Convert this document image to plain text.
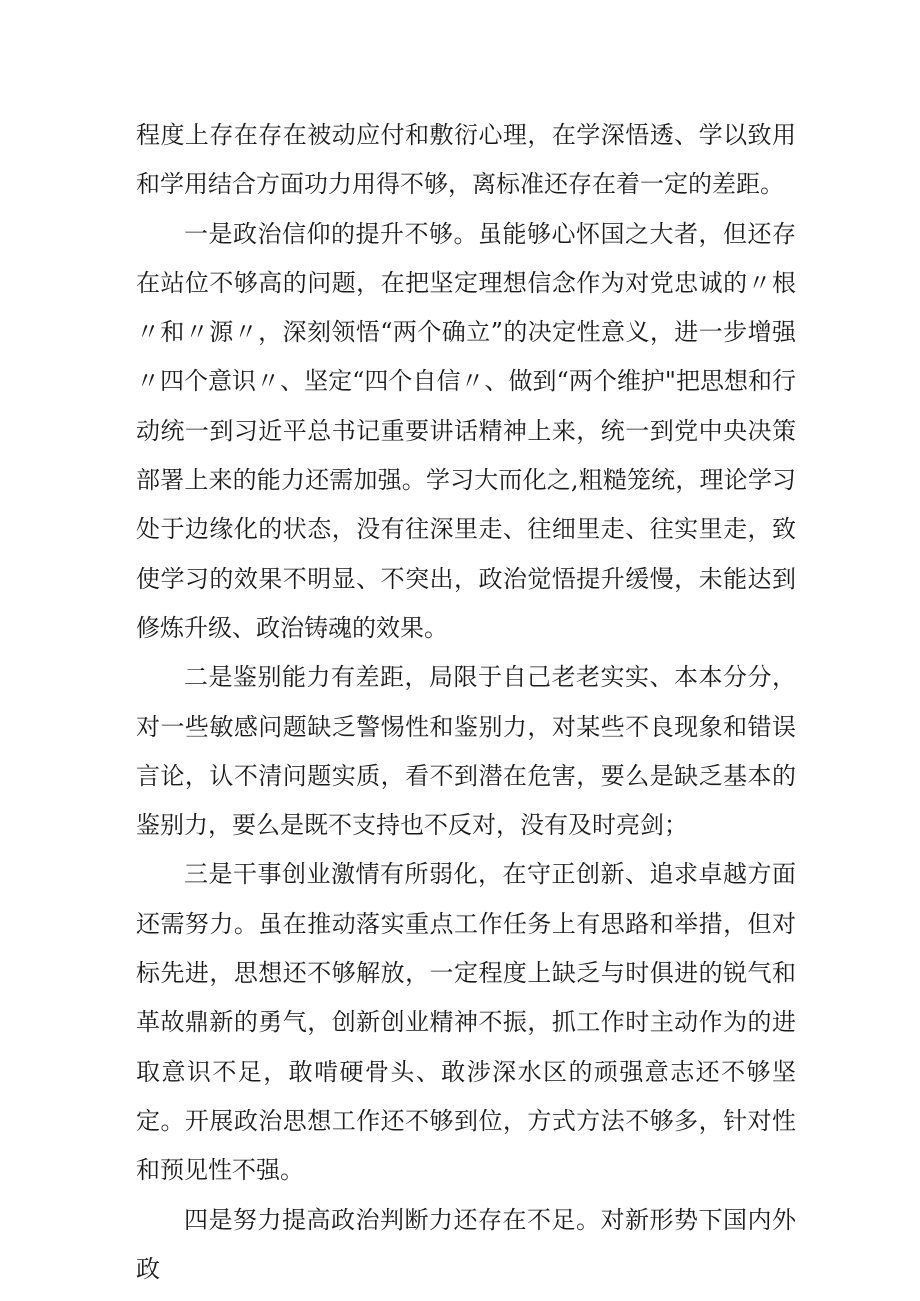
程度上存在存在被动应付和敷衍心理，在学深悟透、学以致用和学用结合方面功力用得不够，离标准还存在着一定的差距。

一是政治信仰的提升不够。虽能够心怀国之大者，但还存在站位不够高的问题，在把坚定理想信念作为对党忠诚的〃根〃和〃源〃，深刻领悟“两个确立”的决定性意义，进一步增强〃四个意识〃、坚定“四个自信〃、做到“两个维护"把思想和行动统一到习近平总书记重要讲话精神上来，统一到党中央决策部署上来的能力还需加强。学习大而化之,粗糙笼统，理论学习处于边缘化的状态，没有往深里走、往细里走、往实里走，致使学习的效果不明显、不突出，政治觉悟提升缓慢，未能达到修炼升级、政治铸魂的效果。

二是鉴别能力有差距，局限于自己老老实实、本本分分，对一些敏感问题缺乏警惕性和鉴别力，对某些不良现象和错误言论，认不清问题实质，看不到潜在危害，要么是缺乏基本的鉴别力，要么是既不支持也不反对，没有及时亮剑；

三是干事创业激情有所弱化，在守正创新、追求卓越方面还需努力。虽在推动落实重点工作任务上有思路和举措，但对标先进，思想还不够解放，一定程度上缺乏与时俱进的锐气和革故鼎新的勇气，创新创业精神不振，抓工作时主动作为的进取意识不足，敢啃硬骨头、敢涉深水区的顽强意志还不够坚定。开展政治思想工作还不够到位，方式方法不够多，针对性和预见性不强。

四是努力提高政治判断力还存在不足。对新形势下国内外政
